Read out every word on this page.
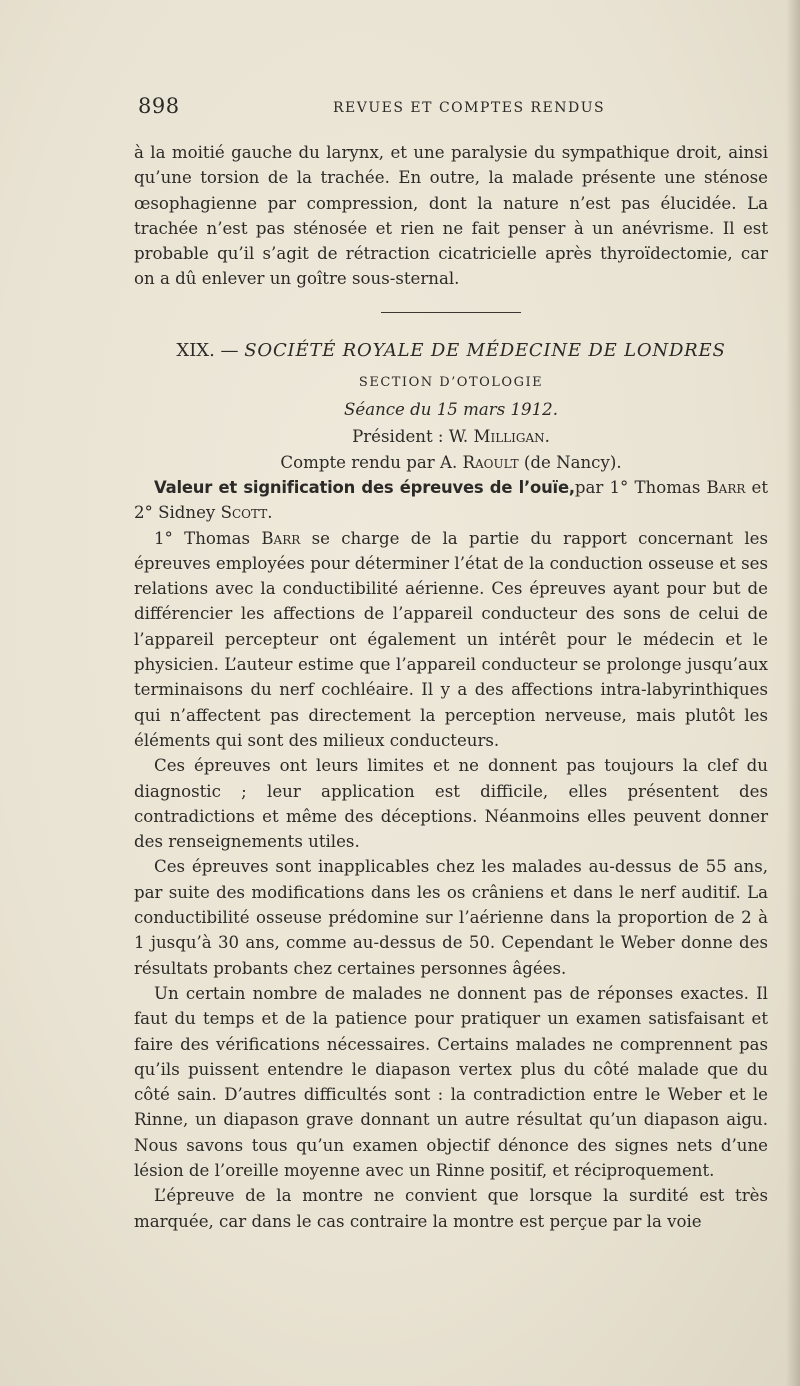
898	REVUES ET COMPTES RENDUS

à la moitié gauche du larynx, et une paralysie du sympathique droit, ainsi qu’une torsion de la trachée. En outre, la malade présente une sténose œsophagienne par compression, dont la nature n’est pas élucidée. La trachée n’est pas sténosée et rien ne fait penser à un anévrisme. Il est probable qu’il s’agit de rétraction cicatricielle après thyroïdectomie, car on a dû enlever un goître sous-sternal.

XIX. — SOCIÉTÉ ROYALE DE MÉDECINE DE LONDRES
SECTION D’OTOLOGIE
Séance du 15 mars 1912.
Président : W. Milligan.
Compte rendu par A. Raoult (de Nancy).

Valeur et signification des épreuves de l’ouïe,par 1° Thomas Barr et 2° Sidney Scott.

1° Thomas Barr se charge de la partie du rapport concernant les épreuves employées pour déterminer l’état de la conduction osseuse et ses relations avec la conductibilité aérienne. Ces épreuves ayant pour but de différencier les affections de l’appareil conducteur des sons de celui de l’appareil percepteur ont également un intérêt pour le médecin et le physicien. L’auteur estime que l’appareil conducteur se prolonge jusqu’aux terminaisons du nerf cochléaire. Il y a des affections intra-labyrinthiques qui n’affectent pas directement la perception nerveuse, mais plutôt les éléments qui sont des milieux conducteurs.

Ces épreuves ont leurs limites et ne donnent pas toujours la clef du diagnostic ; leur application est difficile, elles présentent des contradictions et même des déceptions. Néanmoins elles peuvent donner des renseignements utiles.

Ces épreuves sont inapplicables chez les malades au-dessus de 55 ans, par suite des modifications dans les os crâniens et dans le nerf auditif. La conductibilité osseuse prédomine sur l’aérienne dans la proportion de 2 à 1 jusqu’à 30 ans, comme au-dessus de 50. Cependant le Weber donne des résultats probants chez certaines personnes âgées.

Un certain nombre de malades ne donnent pas de réponses exactes. Il faut du temps et de la patience pour pratiquer un examen satisfaisant et faire des vérifications nécessaires. Certains malades ne comprennent pas qu’ils puissent entendre le diapason vertex plus du côté malade que du côté sain. D’autres difficultés sont : la contradiction entre le Weber et le Rinne, un diapason grave donnant un autre résultat qu’un diapason aigu. Nous savons tous qu’un examen objectif dénonce des signes nets d’une lésion de l’oreille moyenne avec un Rinne positif, et réciproquement.

L’épreuve de la montre ne convient que lorsque la surdité est très marquée, car dans le cas contraire la montre est perçue par la voie
